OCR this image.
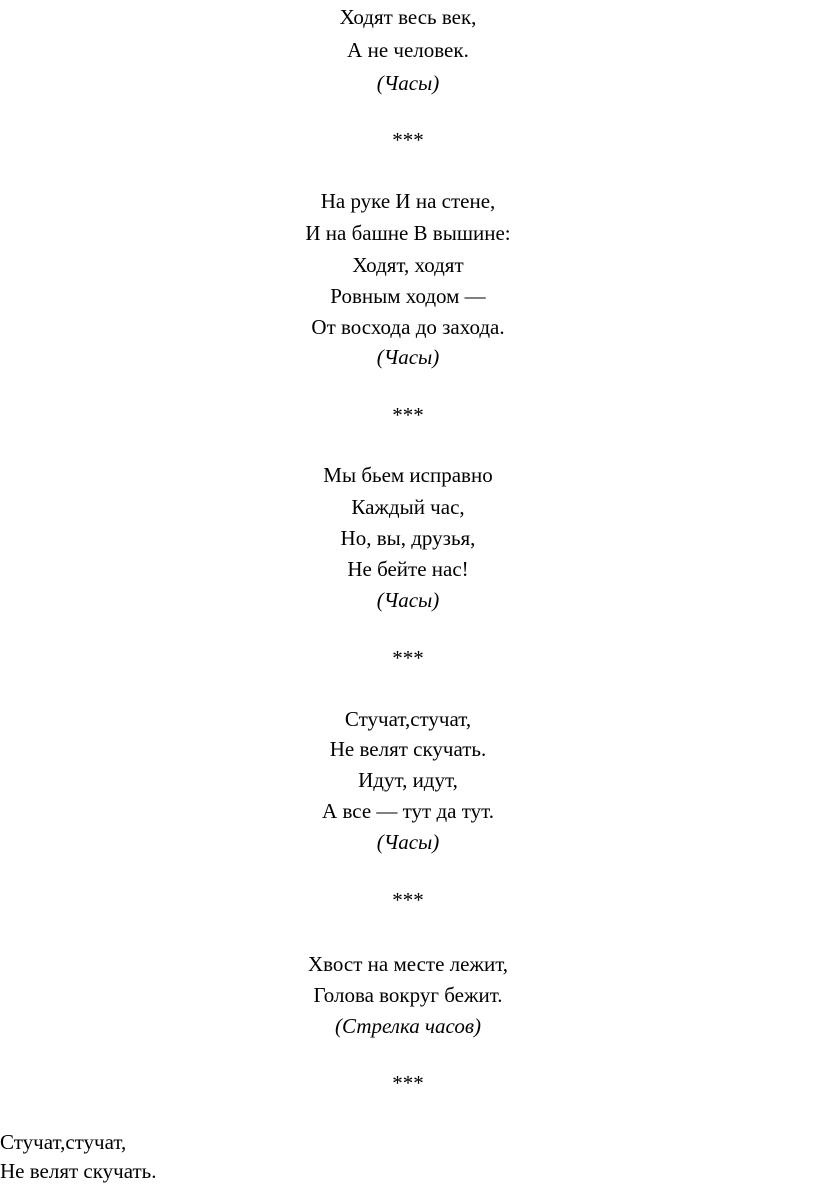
Ходят весь век,
А не человек.
(Часы)
***
На руке И на стене,
И на башне В вышине:
Ходят, ходят
Ровным ходом —
От восхода до захода.
(Часы)
***
Мы бьем исправно
Каждый час,
Но, вы, друзья,
Не бейте нас!
(Часы)
***
Стучат,стучат,
Не велят скучать.
Идут, идут,
А все — тут да тут.
(Часы)
***
Хвост на месте лежит,
Голова вокруг бежит.
(Стрелка часов)
***
Стучат,стучат,
Не велят скучать.
